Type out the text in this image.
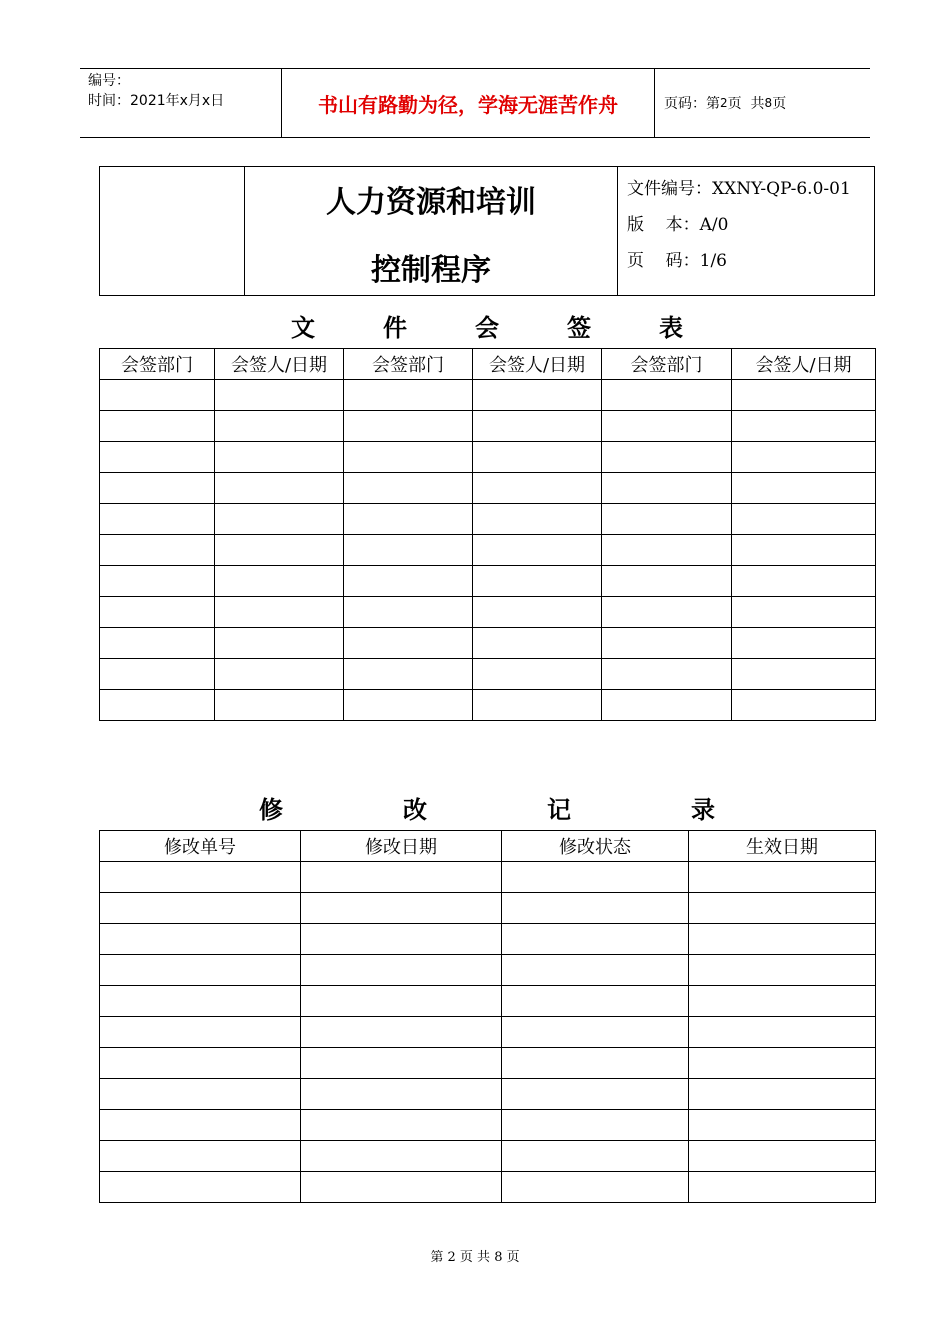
编号：
时间：2021年x月x日	书山有路勤为径，学海无涯苦作舟	页码：第 2 页  共 8 页
人力资源和培训
控制程序
文件编号：XXNY-QP-6.0-01
版    本：A/0
页    码：1/6
文	件	会	签	表
会签部门	会签人/日期	会签部门	会签人/日期	会签部门	会签人/日期

修	改	记	录
修改单号	修改日期	修改状态	生效日期

第 2 页 共 8 页
